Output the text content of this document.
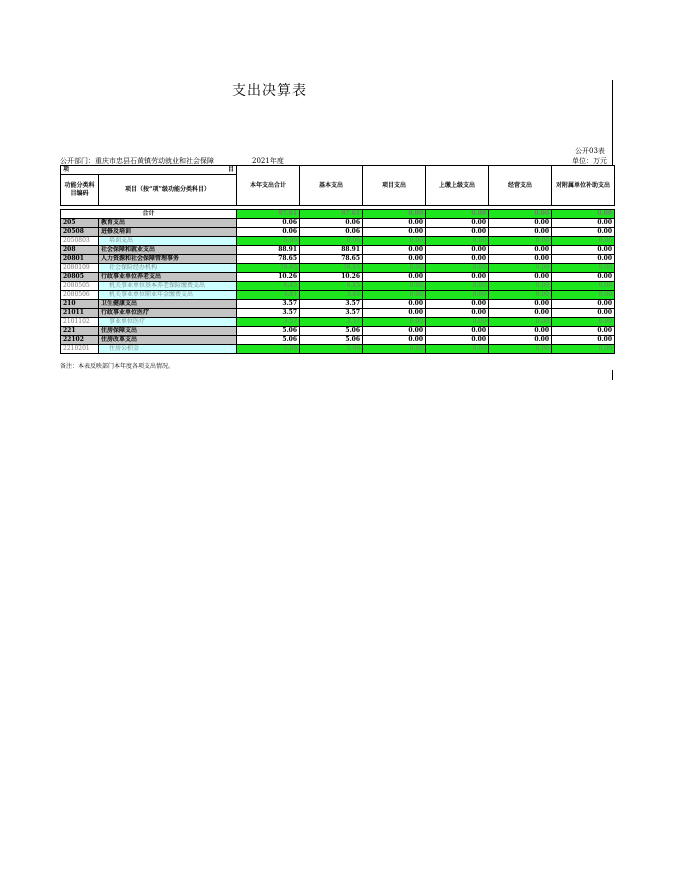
支出决算表
公开03表
公开部门：重庆市忠县石黄镇劳动就业和社会保障	2021年度	单位：万元
项 目		本年支出合计	基本支出	项目支出	上缴上级支出	经营支出	对附属单位补助支出
功能分类科目编码	项目（按“项”级功能分类科目）						

合计		97.61	97.61	0.00	0.00	0.00	0.00
205	教育支出	0.06	0.06	0.00	0.00	0.00	0.00
20508	进修及培训	0.06	0.06	0.00	0.00	0.00	0.00
2050803	培训支出	0.06	0.06	0.00	0.00	0.00	0.00
208	社会保障和就业支出	88.91	88.91	0.00	0.00	0.00	0.00
20801	人力资源和社会保障管理事务	78.65	78.65	0.00	0.00	0.00	0.00
2080109	社会保险经办机构	78.65	78.65	0.00	0.00	0.00	0.00
20805	行政事业单位养老支出	10.26	10.26	0.00	0.00	0.00	0.00
2080505	机关事业单位基本养老保险缴费支出	6.45	6.45	0.00	0.00	0.00	0.00
2080506	机关事业单位职业年金缴费支出	3.81	3.81	0.00	0.00	0.00	0.00
210	卫生健康支出	3.57	3.57	0.00	0.00	0.00	0.00
21011	行政事业单位医疗	3.57	3.57	0.00	0.00	0.00	0.00
2101102	事业单位医疗	3.57	3.57	0.00	0.00	0.00	0.00
221	住房保障支出	5.06	5.06	0.00	0.00	0.00	0.00
22102	住房改革支出	5.06	5.06	0.00	0.00	0.00	0.00
2210201	住房公积金	5.06	5.06	0.00	0.00	0.00	0.00
备注：本表反映部门本年度各项支出情况。
